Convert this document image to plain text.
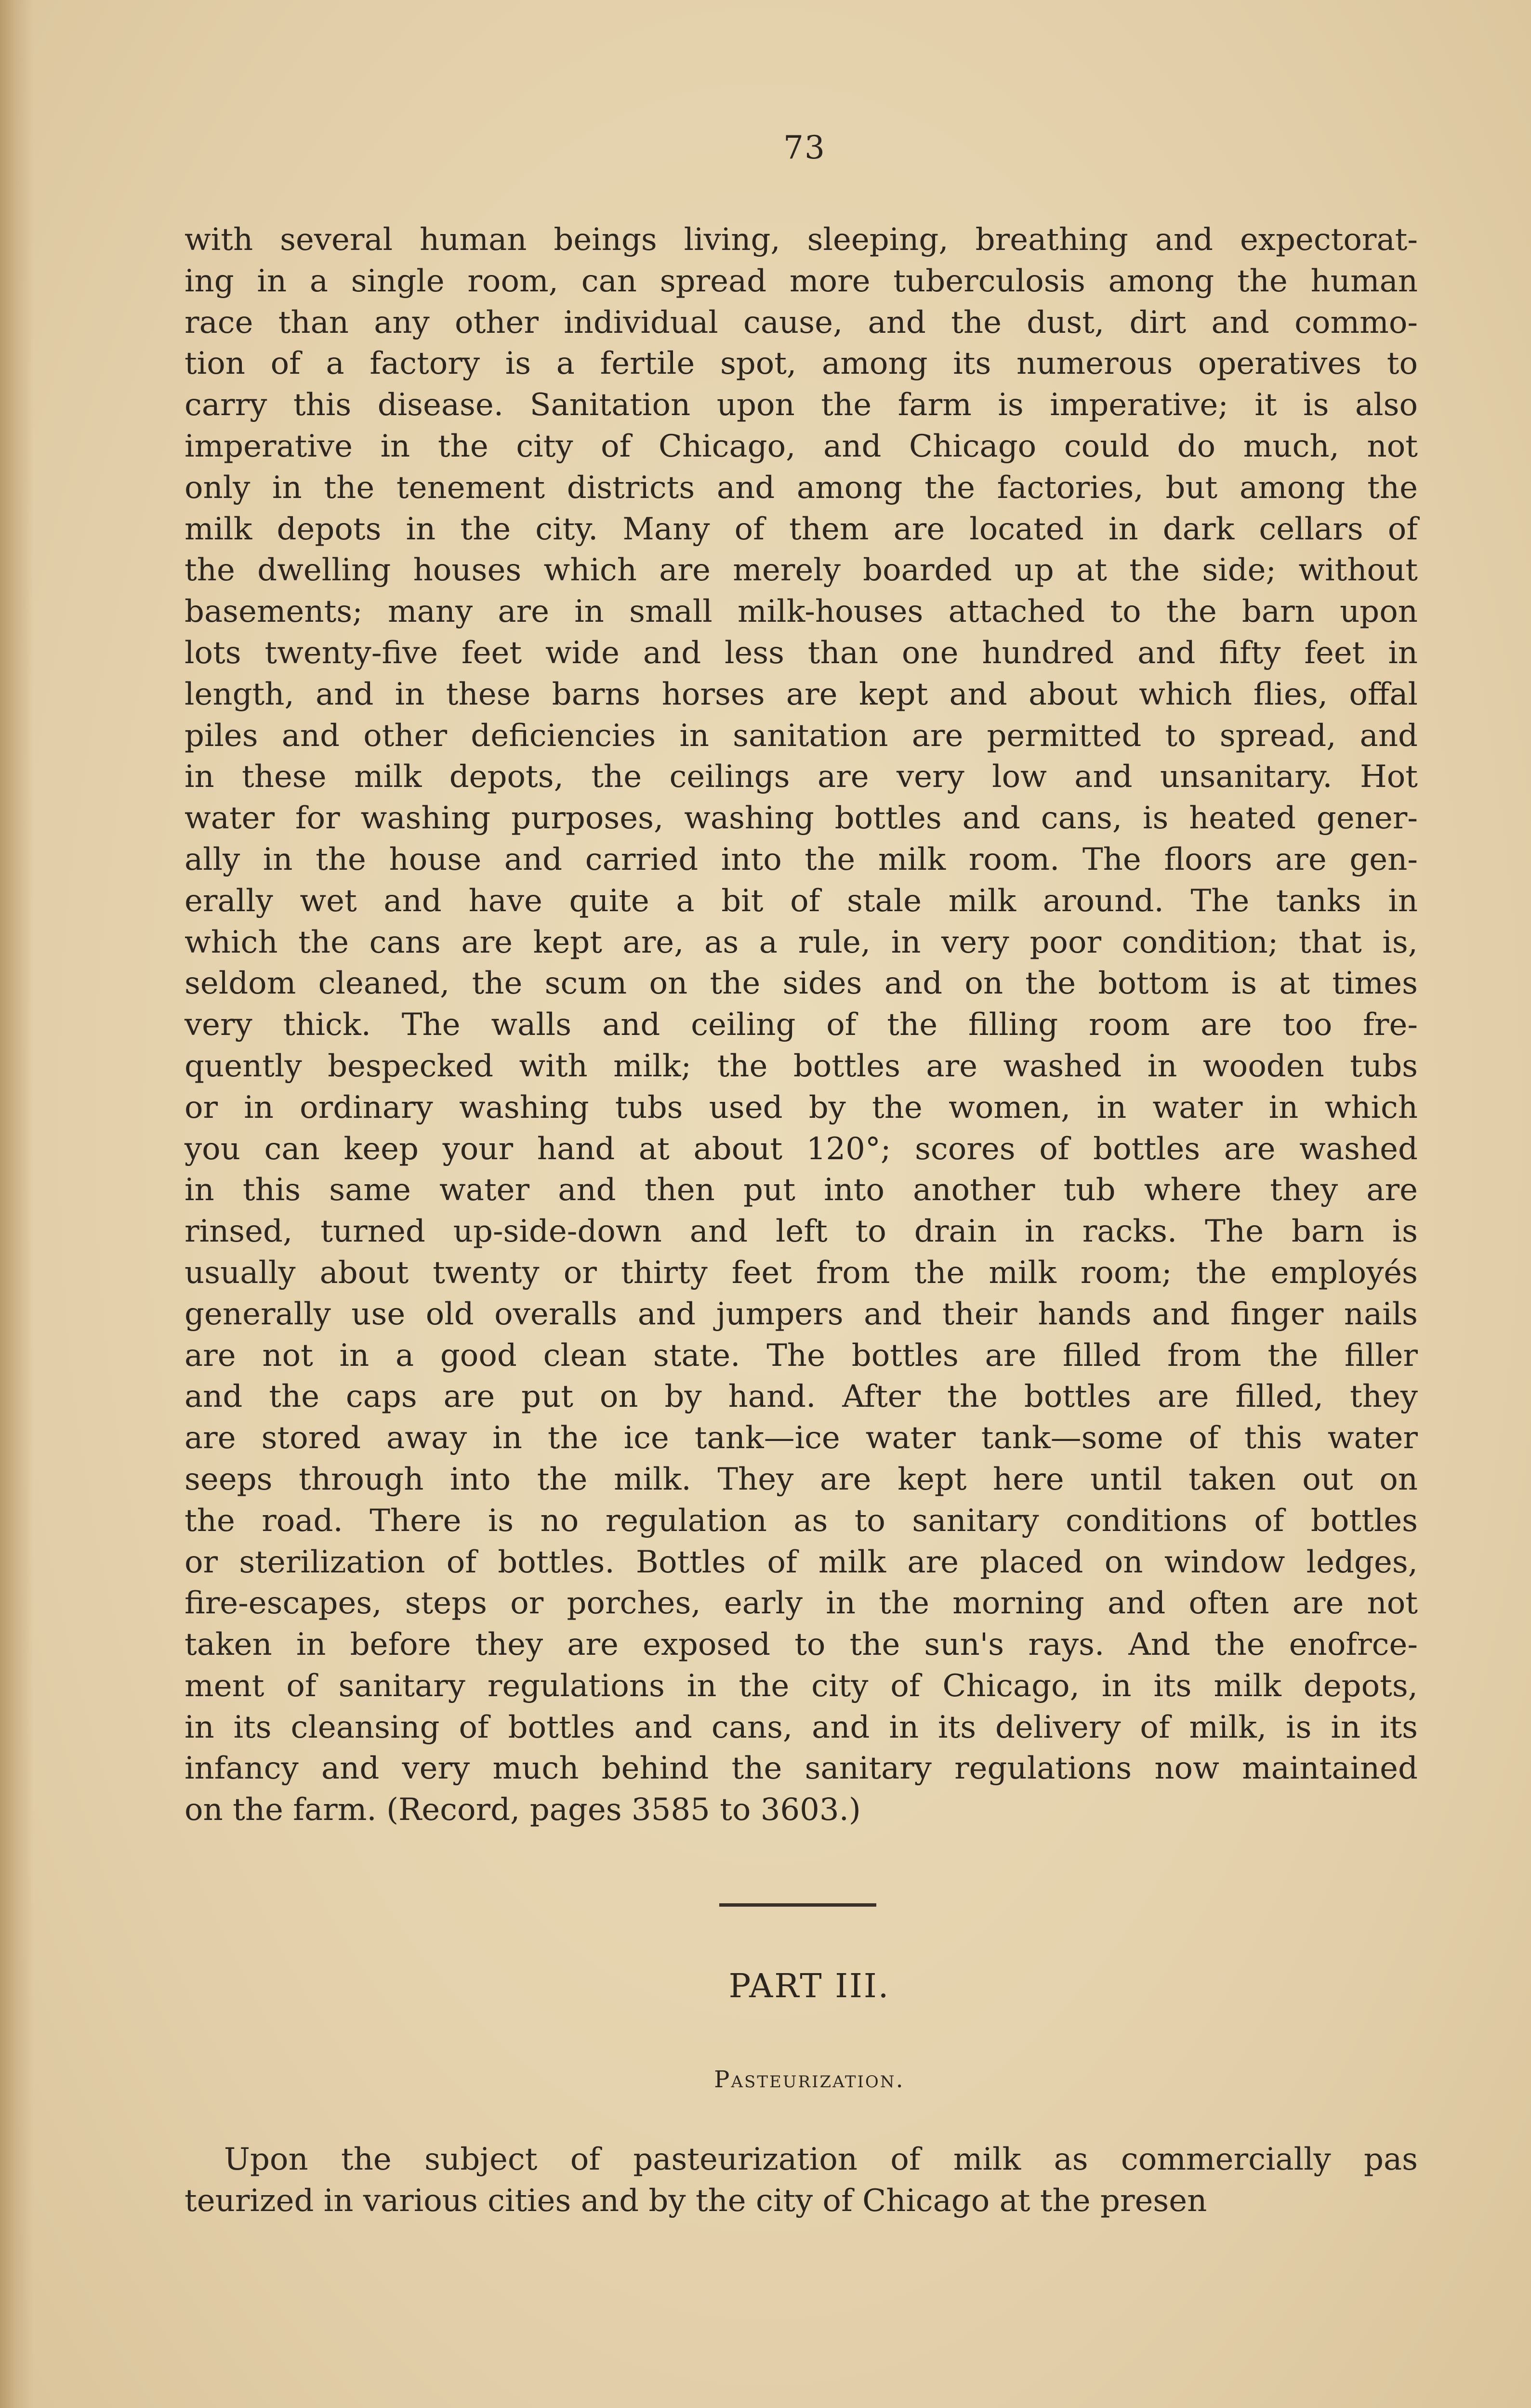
73
with several human beings living, sleeping, breathing and expectorat-
ing in a single room, can spread more tuberculosis among the human
race than any other individual cause, and the dust, dirt and commo-
tion of a factory is a fertile spot, among its numerous operatives to
carry this disease. Sanitation upon the farm is imperative; it is also
imperative in the city of Chicago, and Chicago could do much, not
only in the tenement districts and among the factories, but among the
milk depots in the city. Many of them are located in dark cellars of
the dwelling houses which are merely boarded up at the side; without
basements; many are in small milk-houses attached to the barn upon
lots twenty-five feet wide and less than one hundred and fifty feet in
length, and in these barns horses are kept and about which flies, offal
piles and other deficiencies in sanitation are permitted to spread, and
in these milk depots, the ceilings are very low and unsanitary. Hot
water for washing purposes, washing bottles and cans, is heated gener-
ally in the house and carried into the milk room. The floors are gen-
erally wet and have quite a bit of stale milk around. The tanks in
which the cans are kept are, as a rule, in very poor condition; that is,
seldom cleaned, the scum on the sides and on the bottom is at times
very thick. The walls and ceiling of the filling room are too fre-
quently bespecked with milk; the bottles are washed in wooden tubs
or in ordinary washing tubs used by the women, in water in which
you can keep your hand at about 120°; scores of bottles are washed
in this same water and then put into another tub where they are
rinsed, turned up-side-down and left to drain in racks. The barn is
usually about twenty or thirty feet from the milk room; the employés
generally use old overalls and jumpers and their hands and finger nails
are not in a good clean state. The bottles are filled from the filler
and the caps are put on by hand. After the bottles are filled, they
are stored away in the ice tank—ice water tank—some of this water
seeps through into the milk. They are kept here until taken out on
the road. There is no regulation as to sanitary conditions of bottles
or sterilization of bottles. Bottles of milk are placed on window ledges,
fire-escapes, steps or porches, early in the morning and often are not
taken in before they are exposed to the sun's rays. And the enofrce-
ment of sanitary regulations in the city of Chicago, in its milk depots,
in its cleansing of bottles and cans, and in its delivery of milk, is in its
infancy and very much behind the sanitary regulations now maintained
on the farm. (Record, pages 3585 to 3603.)
PART III.
Pasteurization.
Upon the subject of pasteurization of milk as commercially pas
teurized in various cities and by the city of Chicago at the presen
